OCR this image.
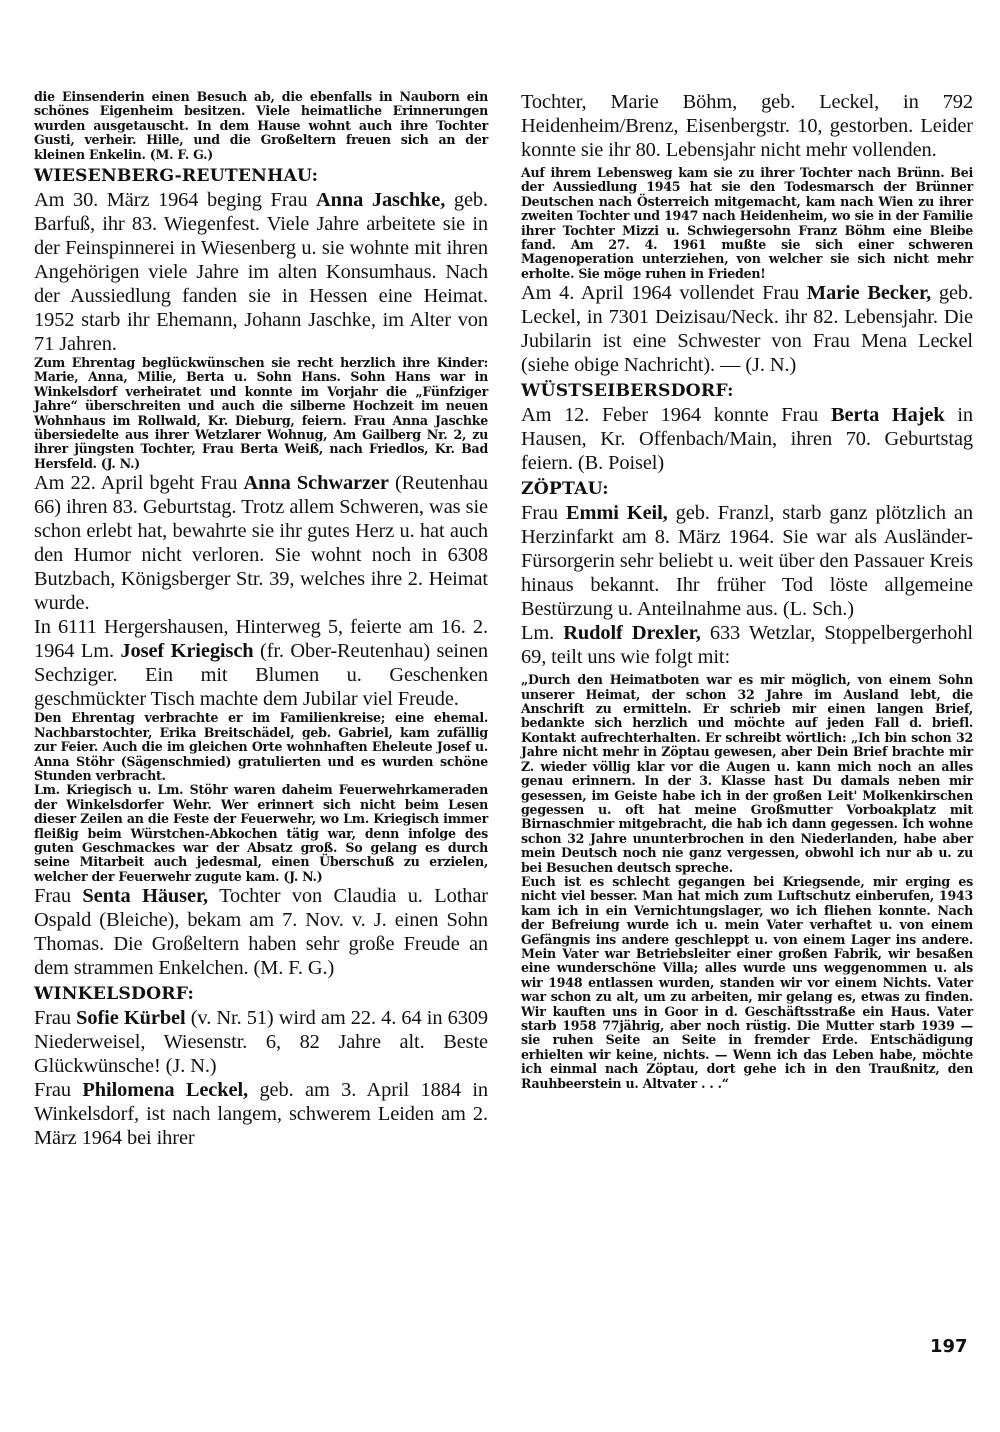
die Einsenderin einen Besuch ab, die ebenfalls in Nauborn ein schönes Eigenheim besitzen. Viele heimatliche Erinnerungen wurden ausgetauscht. In dem Hause wohnt auch ihre Tochter Gusti, verheir. Hille, und die Großeltern freuen sich an der kleinen Enkelin. (M. F. G.)

WIESENBERG-REUTENHAU:

Am 30. März 1964 beging Frau Anna Jaschke, geb. Barfuß, ihr 83. Wiegenfest. Viele Jahre arbeitete sie in der Feinspinnerei in Wiesenberg u. sie wohnte mit ihren Angehörigen viele Jahre im alten Konsumhaus. Nach der Aussiedlung fanden sie in Hessen eine Heimat. 1952 starb ihr Ehemann, Johann Jaschke, im Alter von 71 Jahren.

Zum Ehrentag beglückwünschen sie recht herzlich ihre Kinder: Marie, Anna, Milie, Berta u. Sohn Hans. Sohn Hans war in Winkelsdorf verheiratet und konnte im Vorjahr die „Fünfziger Jahre“ überschreiten und auch die silberne Hochzeit im neuen Wohnhaus im Rollwald, Kr. Dieburg, feiern. Frau Anna Jaschke übersiedelte aus ihrer Wetzlarer Wohnug, Am Gailberg Nr. 2, zu ihrer jüngsten Tochter, Frau Berta Weiß, nach Friedlos, Kr. Bad Hersfeld. (J. N.)

Am 22. April bgeht Frau Anna Schwarzer (Reutenhau 66) ihren 83. Geburtstag. Trotz allem Schweren, was sie schon erlebt hat, bewahrte sie ihr gutes Herz u. hat auch den Humor nicht verloren. Sie wohnt noch in 6308 Butzbach, Königsberger Str. 39, welches ihre 2. Heimat wurde.

In 6111 Hergershausen, Hinterweg 5, feierte am 16. 2. 1964 Lm. Josef Kriegisch (fr. Ober-Reutenhau) seinen Sechziger. Ein mit Blumen u. Geschenken geschmückter Tisch machte dem Jubilar viel Freude.

Den Ehrentag verbrachte er im Familienkreise; eine ehemal. Nachbarstochter, Erika Breitschädel, geb. Gabriel, kam zufällig zur Feier. Auch die im gleichen Orte wohnhaften Eheleute Josef u. Anna Stöhr (Sägenschmied) gratulierten und es wurden schöne Stunden verbracht.

Lm. Kriegisch u. Lm. Stöhr waren daheim Feuerwehrkameraden der Winkelsdorfer Wehr. Wer erinnert sich nicht beim Lesen dieser Zeilen an die Feste der Feuerwehr, wo Lm. Kriegisch immer fleißig beim Würstchen-Abkochen tätig war, denn infolge des guten Geschmackes war der Absatz groß. So gelang es durch seine Mitarbeit auch jedesmal, einen Überschuß zu erzielen, welcher der Feuerwehr zugute kam. (J. N.)

Frau Senta Häuser, Tochter von Claudia u. Lothar Ospald (Bleiche), bekam am 7. Nov. v. J. einen Sohn Thomas. Die Großeltern haben sehr große Freude an dem strammen Enkelchen. (M. F. G.)

WINKELSDORF:

Frau Sofie Kürbel (v. Nr. 51) wird am 22. 4. 64 in 6309 Niederweisel, Wiesenstr. 6, 82 Jahre alt. Beste Glückwünsche! (J. N.)

Frau Philomena Leckel, geb. am 3. April 1884 in Winkelsdorf, ist nach langem, schwerem Leiden am 2. März 1964 bei ihrer

Tochter, Marie Böhm, geb. Leckel, in 792 Heidenheim/Brenz, Eisenbergstr. 10, gestorben. Leider konnte sie ihr 80. Lebensjahr nicht mehr vollenden.

Auf ihrem Lebensweg kam sie zu ihrer Tochter nach Brünn. Bei der Aussiedlung 1945 hat sie den Todesmarsch der Brünner Deutschen nach Österreich mitgemacht, kam nach Wien zu ihrer zweiten Tochter und 1947 nach Heidenheim, wo sie in der Familie ihrer Tochter Mizzi u. Schwiegersohn Franz Böhm eine Bleibe fand. Am 27. 4. 1961 mußte sie sich einer schweren Magenoperation unterziehen, von welcher sie sich nicht mehr erholte. Sie möge ruhen in Frieden!

Am 4. April 1964 vollendet Frau Marie Becker, geb. Leckel, in 7301 Deizisau/Neck. ihr 82. Lebensjahr. Die Jubilarin ist eine Schwester von Frau Mena Leckel (siehe obige Nachricht). — (J. N.)

WÜSTSEIBERSDORF:

Am 12. Feber 1964 konnte Frau Berta Hajek in Hausen, Kr. Offenbach/Main, ihren 70. Geburtstag feiern. (B. Poisel)

ZÖPTAU:

Frau Emmi Keil, geb. Franzl, starb ganz plötzlich an Herzinfarkt am 8. März 1964. Sie war als Ausländer-Fürsorgerin sehr beliebt u. weit über den Passauer Kreis hinaus bekannt. Ihr früher Tod löste allgemeine Bestürzung u. Anteilnahme aus. (L. Sch.)

Lm. Rudolf Drexler, 633 Wetzlar, Stoppelbergerhohl 69, teilt uns wie folgt mit:

„Durch den Heimatboten war es mir möglich, von einem Sohn unserer Heimat, der schon 32 Jahre im Ausland lebt, die Anschrift zu ermitteln. Er schrieb mir einen langen Brief, bedankte sich herzlich und möchte auf jeden Fall d. briefl. Kontakt aufrechterhalten. Er schreibt wörtlich: „Ich bin schon 32 Jahre nicht mehr in Zöptau gewesen, aber Dein Brief brachte mir Z. wieder völlig klar vor die Augen u. kann mich noch an alles genau erinnern. In der 3. Klasse hast Du damals neben mir gesessen, im Geiste habe ich in der großen Leit' Molkenkirschen gegessen u. oft hat meine Großmutter Vorboakplatz mit Birnaschmier mitgebracht, die hab ich dann gegessen. Ich wohne schon 32 Jahre ununterbrochen in den Niederlanden, habe aber mein Deutsch noch nie ganz vergessen, obwohl ich nur ab u. zu bei Besuchen deutsch spreche.

Euch ist es schlecht gegangen bei Kriegsende, mir erging es nicht viel besser. Man hat mich zum Luftschutz einberufen, 1943 kam ich in ein Vernichtungslager, wo ich fliehen konnte. Nach der Befreiung wurde ich u. mein Vater verhaftet u. von einem Gefängnis ins andere geschleppt u. von einem Lager ins andere. Mein Vater war Betriebsleiter einer großen Fabrik, wir besaßen eine wunderschöne Villa; alles wurde uns weggenommen u. als wir 1948 entlassen wurden, standen wir vor einem Nichts. Vater war schon zu alt, um zu arbeiten, mir gelang es, etwas zu finden. Wir kauften uns in Goor in d. Geschäftsstraße ein Haus. Vater starb 1958 77jährig, aber noch rüstig. Die Mutter starb 1939 — sie ruhen Seite an Seite in fremder Erde. Entschädigung erhielten wir keine, nichts. — Wenn ich das Leben habe, möchte ich einmal nach Zöptau, dort gehe ich in den Traußnitz, den Rauhbeerstein u. Altvater . . .“

197
